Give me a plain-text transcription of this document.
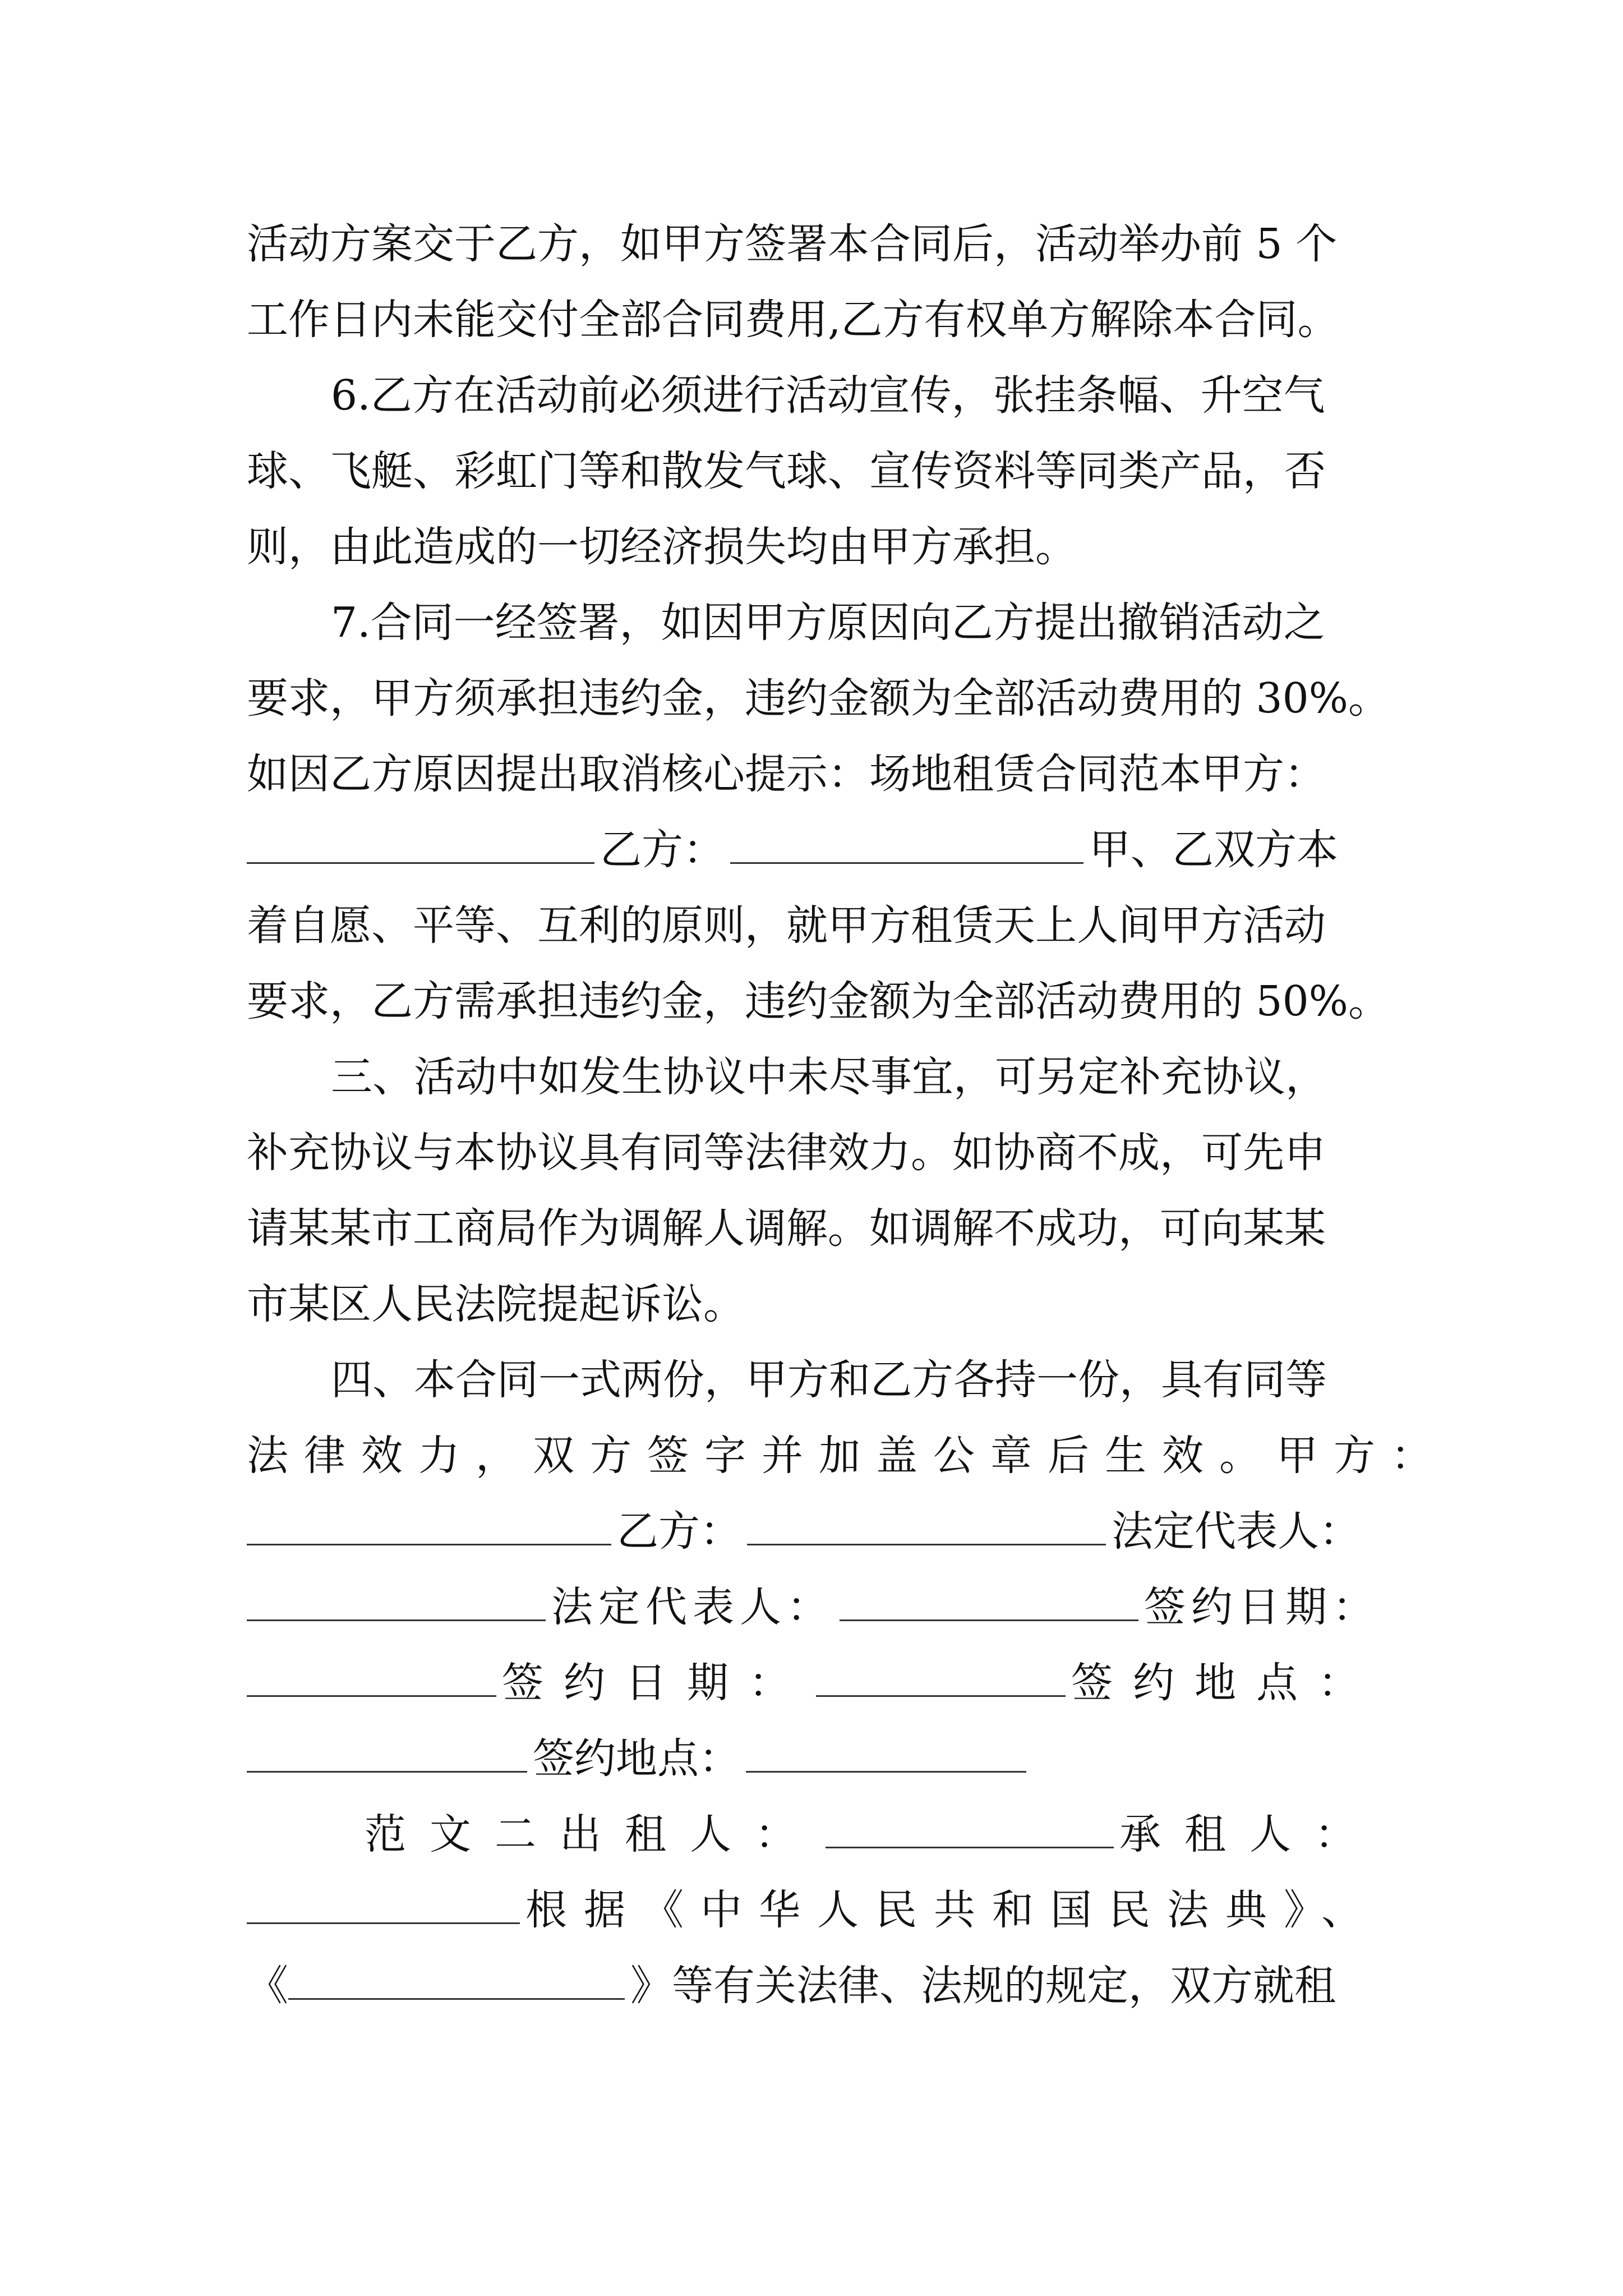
活动方案交于乙方，如甲方签署本合同后，活动举办前 5 个
工作日内未能交付全部合同费用,乙方有权单方解除本合同。
6.乙方在活动前必须进行活动宣传，张挂条幅、升空气
球、飞艇、彩虹门等和散发气球、宣传资料等同类产品，否
则，由此造成的一切经济损失均由甲方承担。
7.合同一经签署，如因甲方原因向乙方提出撤销活动之
要求，甲方须承担违约金，违约金额为全部活动费用的 30%。
如因乙方原因提出取消核心提示：场地租赁合同范本甲方：
乙方：	甲、乙双方本
着自愿、平等、互利的原则，就甲方租赁天上人间甲方活动
要求，乙方需承担违约金，违约金额为全部活动费用的 50%。
三、活动中如发生协议中未尽事宜，可另定补充协议，
补充协议与本协议具有同等法律效力。如协商不成，可先申
请某某市工商局作为调解人调解。如调解不成功，可向某某
市某区人民法院提起诉讼。
四、本合同一式两份，甲方和乙方各持一份，具有同等
法律效力，双方签字并加盖公章后生效。甲方：
乙方：	法定代表人：
法定代表人：	签约日期：
签约日期：	签约地点：
签约地点：
范文二出租人：	承租人：
根据《中华人民共和国民法典》、
《	》等有关法律、法规的规定，双方就租
